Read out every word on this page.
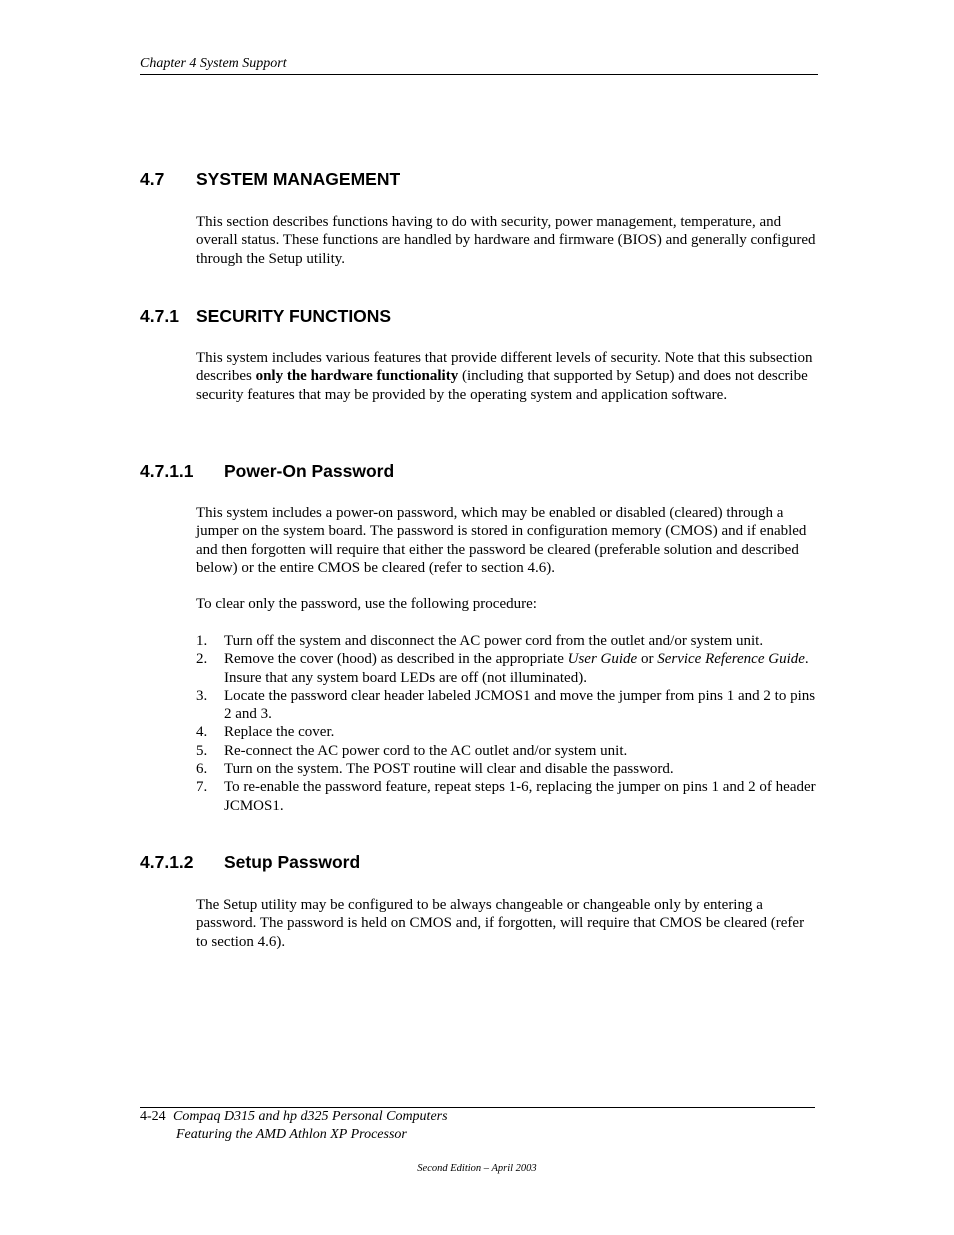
Chapter 4 System Support
4.7 SYSTEM MANAGEMENT
This section describes functions having to do with security, power management, temperature, and overall status. These functions are handled by hardware and firmware (BIOS) and generally configured through the Setup utility.
4.7.1 SECURITY FUNCTIONS
This system includes various features that provide different levels of security. Note that this subsection describes only the hardware functionality (including that supported by Setup) and does not describe security features that may be provided by the operating system and application software.
4.7.1.1 Power-On Password
This system includes a power-on password, which may be enabled or disabled (cleared) through a jumper on the system board. The password is stored in configuration memory (CMOS) and if enabled and then forgotten will require that either the password be cleared (preferable solution and described below) or the entire CMOS be cleared (refer to section 4.6).
To clear only the password, use the following procedure:
1. Turn off the system and disconnect the AC power cord from the outlet and/or system unit.
2. Remove the cover (hood) as described in the appropriate User Guide or Service Reference Guide. Insure that any system board LEDs are off (not illuminated).
3. Locate the password clear header labeled JCMOS1 and move the jumper from pins 1 and 2 to pins 2 and 3.
4. Replace the cover.
5. Re-connect the AC power cord to the AC outlet and/or system unit.
6. Turn on the system. The POST routine will clear and disable the password.
7. To re-enable the password feature, repeat steps 1-6, replacing the jumper on pins 1 and 2 of header JCMOS1.
4.7.1.2 Setup Password
The Setup utility may be configured to be always changeable or changeable only by entering a password. The password is held on CMOS and, if forgotten, will require that CMOS be cleared (refer to section 4.6).
4-24 Compaq D315 and hp d325 Personal Computers
Featuring the AMD Athlon XP Processor
Second Edition – April 2003
